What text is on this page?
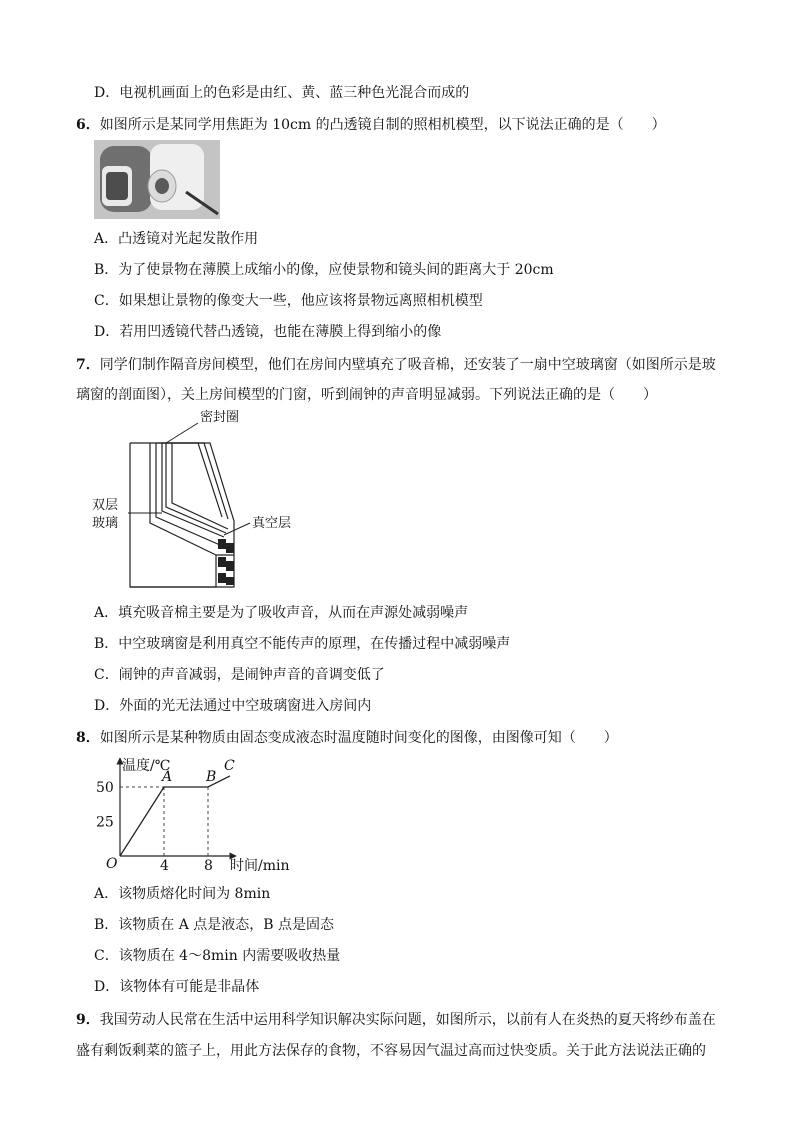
D．电视机画面上的色彩是由红、黄、蓝三种色光混合而成的
6．如图所示是某同学用焦距为 10cm 的凸透镜自制的照相机模型，以下说法正确的是（　　）
A．凸透镜对光起发散作用
B．为了使景物在薄膜上成缩小的像，应使景物和镜头间的距离大于 20cm
C．如果想让景物的像变大一些，他应该将景物远离照相机模型
D．若用凹透镜代替凸透镜，也能在薄膜上得到缩小的像
7．同学们制作隔音房间模型，他们在房间内壁填充了吸音棉，还安装了一扇中空玻璃窗（如图所示是玻
璃窗的剖面图），关上房间模型的门窗，听到闹钟的声音明显减弱。下列说法正确的是（　　）
密封圈
双层
玻璃	真空层
A．填充吸音棉主要是为了吸收声音，从而在声源处减弱噪声
B．中空玻璃窗是利用真空不能传声的原理，在传播过程中减弱噪声
C．闹钟的声音减弱，是闹钟声音的音调变低了
D．外面的光无法通过中空玻璃窗进入房间内
8．如图所示是某种物质由固态变成液态时温度随时间变化的图像，由图像可知（　　）
温度/℃
时间/min
O	4	8
25
50
A B
C
A．该物质熔化时间为 8min
B．该物质在 A 点是液态，B 点是固态
C．该物质在 4～8min 内需要吸收热量
D．该物体有可能是非晶体
9．我国劳动人民常在生活中运用科学知识解决实际问题，如图所示，以前有人在炎热的夏天将纱布盖在
盛有剩饭剩菜的篮子上，用此方法保存的食物，不容易因气温过高而过快变质。关于此方法说法正确的
